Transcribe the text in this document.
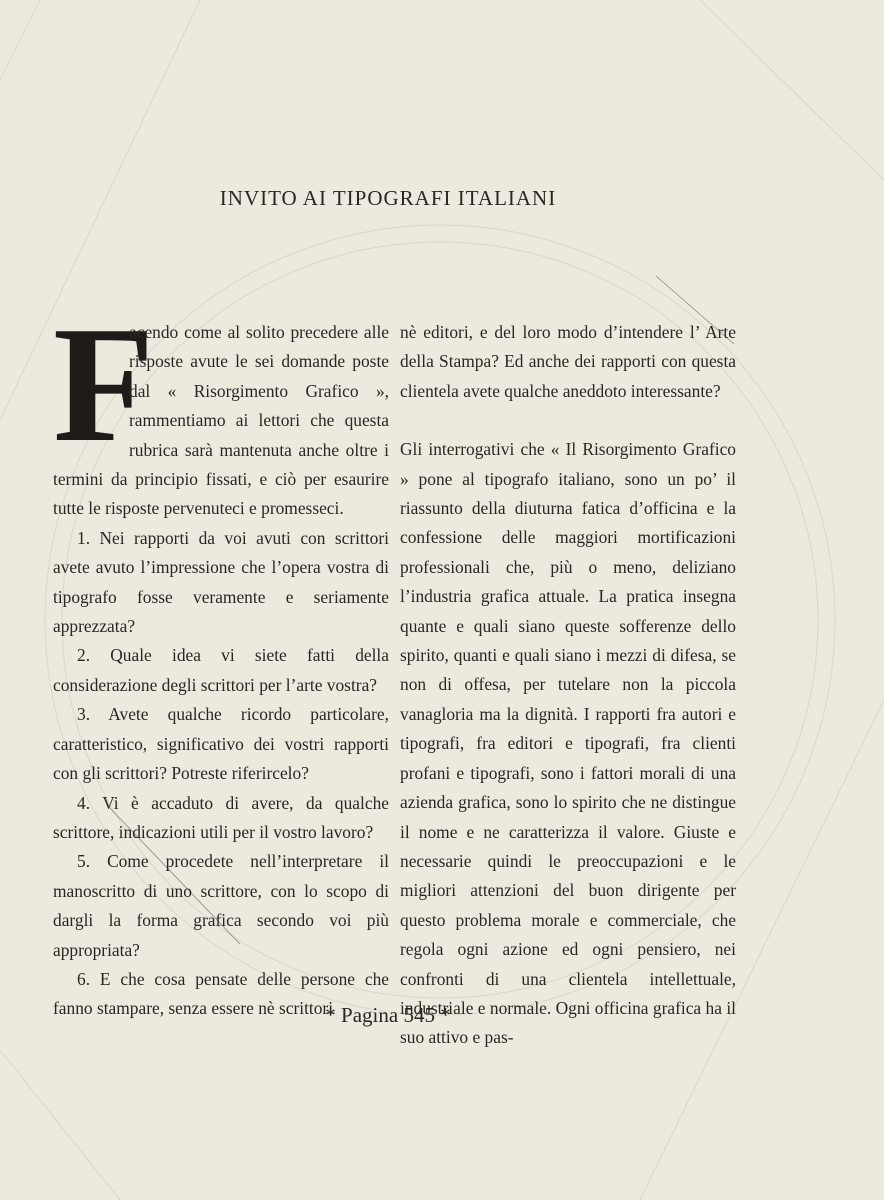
INVITO AI TIPOGRAFI ITALIANI

F
acendo come al solito precedere alle risposte avute le sei domande poste dal « Risorgimento Grafico », rammentiamo ai lettori che questa rubrica sarà mantenuta anche oltre i termini da principio fissati, e ciò per esaurire tutte le risposte pervenuteci e promesseci.

1. Nei rapporti da voi avuti con scrittori avete avuto l’impressione che l’opera vostra di tipografo fosse veramente e seriamente apprezzata?

2. Quale idea vi siete fatti della considerazione degli scrittori per l’arte vostra?

3. Avete qualche ricordo particolare, caratteristico, significativo dei vostri rapporti con gli scrittori? Potreste riferircelo?

4. Vi è accaduto di avere, da qualche scrittore, indicazioni utili per il vostro lavoro?

5. Come procedete nell’interpretare il manoscritto di uno scrittore, con lo scopo di dargli la forma grafica secondo voi più appropriata?

6. E che cosa pensate delle persone che fanno stampare, senza essere nè scrittori

nè editori, e del loro modo d’intendere l’ Arte della Stampa? Ed anche dei rapporti con questa clientela avete qualche aneddoto interessante?

Gli interrogativi che « Il Risorgimento Grafico » pone al tipografo italiano, sono un po’ il riassunto della diuturna fatica d’officina e la confessione delle maggiori mortificazioni professionali che, più o meno, deliziano l’industria grafica attuale. La pratica insegna quante e quali siano queste sofferenze dello spirito, quanti e quali siano i mezzi di difesa, se non di offesa, per tutelare non la piccola vanagloria ma la dignità. I rapporti fra autori e tipografi, fra editori e tipografi, fra clienti profani e tipografi, sono i fattori morali di una azienda grafica, sono lo spirito che ne distingue il nome e ne caratterizza il valore. Giuste e necessarie quindi le preoccupazioni e le migliori attenzioni del buon dirigente per questo problema morale e commerciale, che regola ogni azione ed ogni pensiero, nei confronti di una clientela intellettuale, industriale e normale. Ogni officina grafica ha il suo attivo e pas-

* Pagina 545 *
